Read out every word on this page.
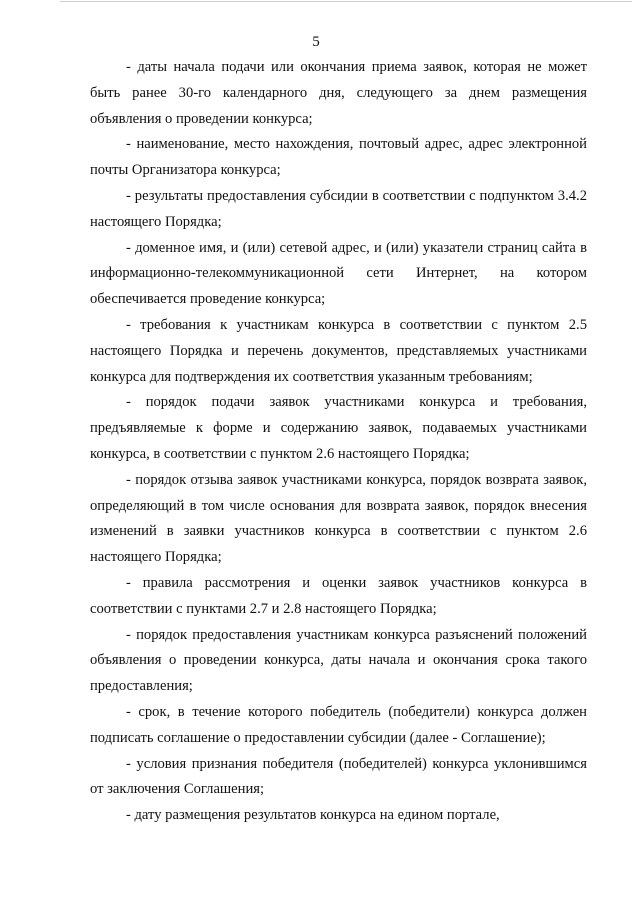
5

- даты начала подачи или окончания приема заявок, которая не может быть ранее 30-го календарного дня, следующего за днем размещения объявления о проведении конкурса;

- наименование, место нахождения, почтовый адрес, адрес электронной почты Организатора конкурса;

- результаты предоставления субсидии в соответствии с подпунктом 3.4.2 настоящего Порядка;

- доменное имя, и (или) сетевой адрес, и (или) указатели страниц сайта в информационно-телекоммуникационной сети Интернет, на котором обеспечивается проведение конкурса;

- требования к участникам конкурса в соответствии с пунктом 2.5 настоящего Порядка и перечень документов, представляемых участниками конкурса для подтверждения их соответствия указанным требованиям;

- порядок подачи заявок участниками конкурса и требования, предъявляемые к форме и содержанию заявок, подаваемых участниками конкурса, в соответствии с пунктом 2.6 настоящего Порядка;

- порядок отзыва заявок участниками конкурса, порядок возврата заявок, определяющий в том числе основания для возврата заявок, порядок внесения изменений в заявки участников конкурса в соответствии с пунктом 2.6 настоящего Порядка;

- правила рассмотрения и оценки заявок участников конкурса в соответствии с пунктами 2.7 и 2.8 настоящего Порядка;

- порядок предоставления участникам конкурса разъяснений положений объявления о проведении конкурса, даты начала и окончания срока такого предоставления;

- срок, в течение которого победитель (победители) конкурса должен подписать соглашение о предоставлении субсидии (далее - Соглашение);

- условия признания победителя (победителей) конкурса уклонившимся от заключения Соглашения;

- дату размещения результатов конкурса на едином портале,
